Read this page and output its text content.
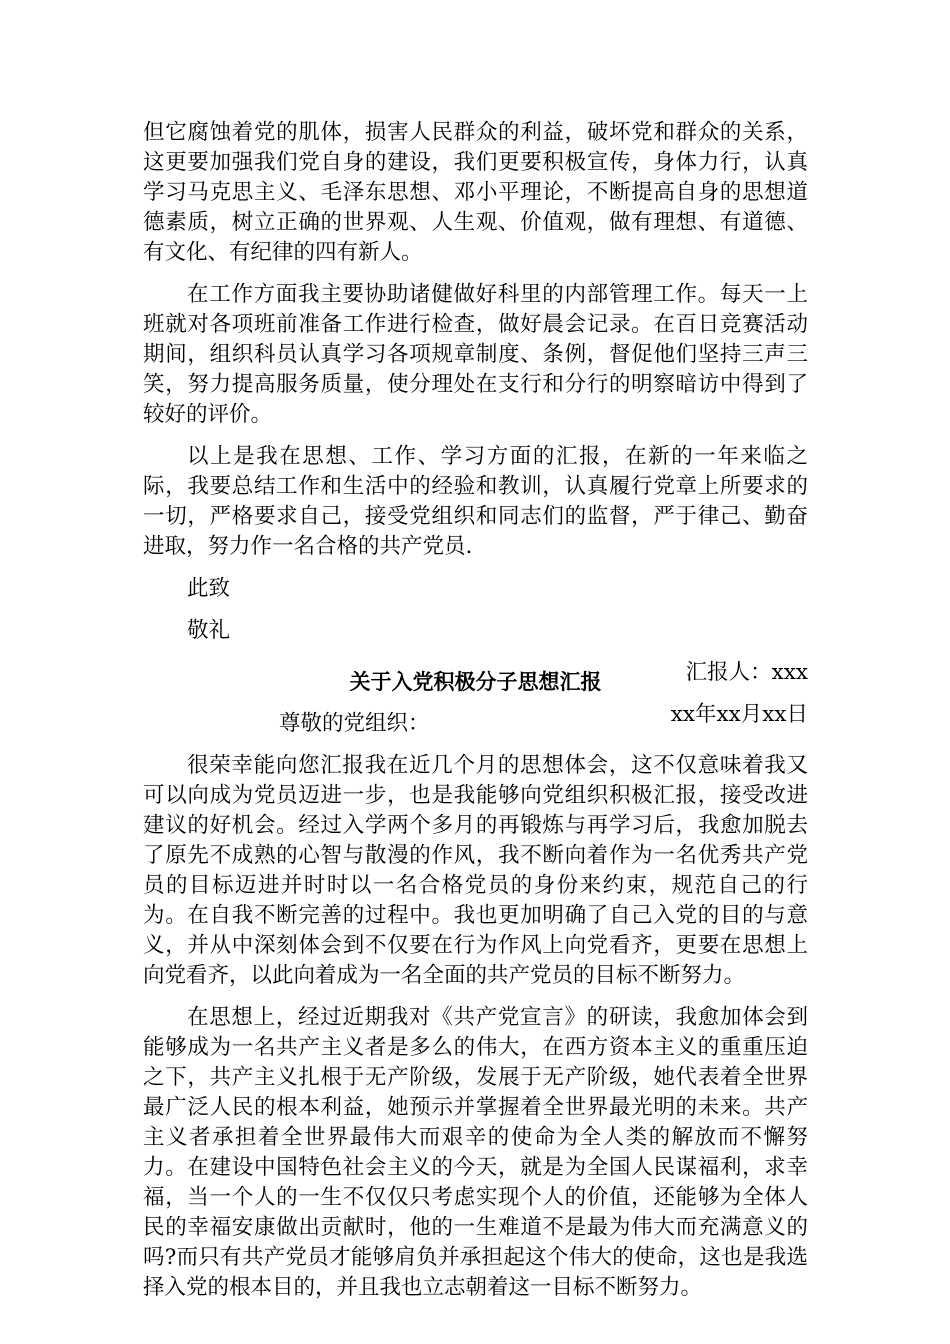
但它腐蚀着党的肌体，损害人民群众的利益，破坏党和群众的关系，这更要加强我们党自身的建设，我们更要积极宣传，身体力行，认真学习马克思主义、毛泽东思想、邓小平理论，不断提高自身的思想道德素质，树立正确的世界观、人生观、价值观，做有理想、有道德、有文化、有纪律的四有新人。

在工作方面我主要协助诸健做好科里的内部管理工作。每天一上班就对各项班前准备工作进行检查，做好晨会记录。在百日竞赛活动期间，组织科员认真学习各项规章制度、条例，督促他们坚持三声三笑，努力提高服务质量，使分理处在支行和分行的明察暗访中得到了较好的评价。

以上是我在思想、工作、学习方面的汇报，在新的一年来临之际，我要总结工作和生活中的经验和教训，认真履行党章上所要求的一切，严格要求自己，接受党组织和同志们的监督，严于律己、勤奋进取，努力作一名合格的共产党员.

此致

敬礼

汇报人：xxx

xx年xx月xx日

关于入党积极分子思想汇报

尊敬的党组织：

很荣幸能向您汇报我在近几个月的思想体会，这不仅意味着我又可以向成为党员迈进一步，也是我能够向党组织积极汇报，接受改进建议的好机会。经过入学两个多月的再锻炼与再学习后，我愈加脱去了原先不成熟的心智与散漫的作风，我不断向着作为一名优秀共产党员的目标迈进并时时以一名合格党员的身份来约束，规范自己的行为。在自我不断完善的过程中。我也更加明确了自己入党的目的与意义，并从中深刻体会到不仅要在行为作风上向党看齐，更要在思想上向党看齐，以此向着成为一名全面的共产党员的目标不断努力。

在思想上，经过近期我对《共产党宣言》的研读，我愈加体会到能够成为一名共产主义者是多么的伟大，在西方资本主义的重重压迫之下，共产主义扎根于无产阶级，发展于无产阶级，她代表着全世界最广泛人民的根本利益，她预示并掌握着全世界最光明的未来。共产主义者承担着全世界最伟大而艰辛的使命为全人类的解放而不懈努力。在建设中国特色社会主义的今天，就是为全国人民谋福利，求幸福，当一个人的一生不仅仅只考虑实现个人的价值，还能够为全体人民的幸福安康做出贡献时，他的一生难道不是最为伟大而充满意义的吗?而只有共产党员才能够肩负并承担起这个伟大的使命，这也是我选择入党的根本目的，并且我也立志朝着这一目标不断努力。
